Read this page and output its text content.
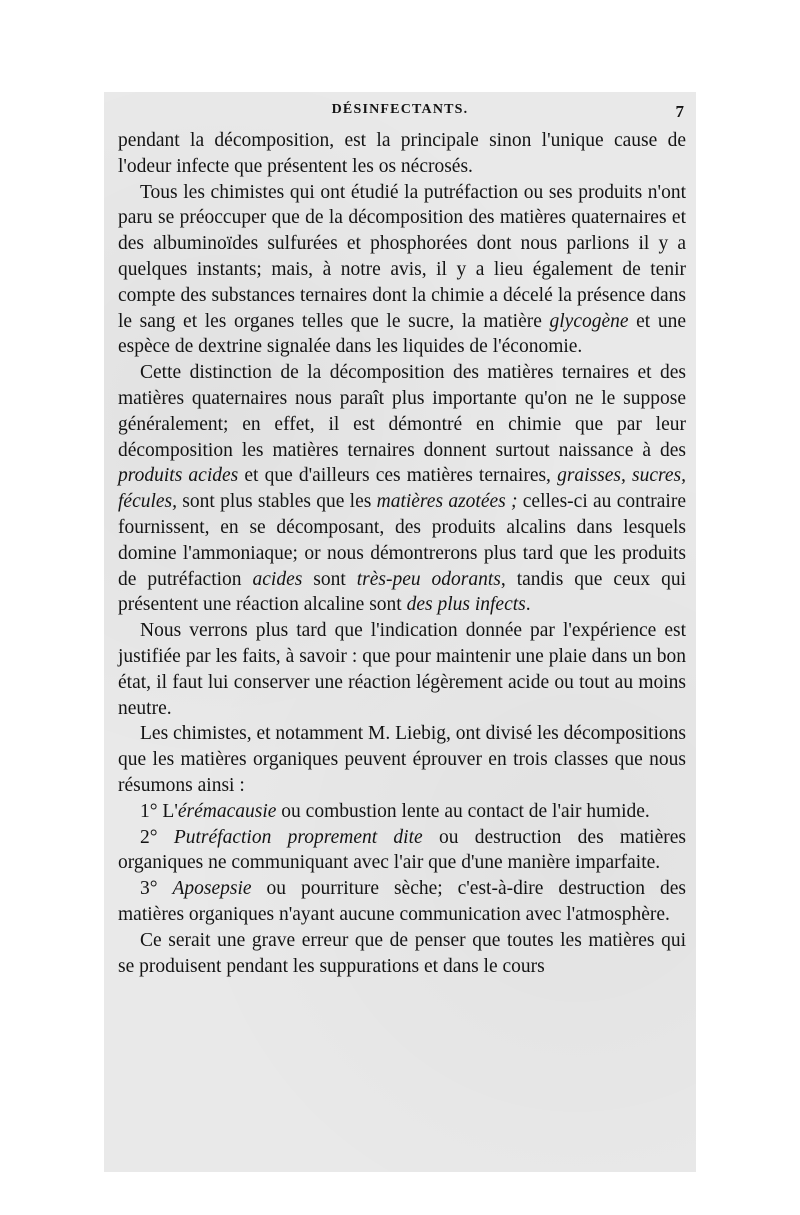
DÉSINFECTANTS.	7

pendant la décomposition, est la principale sinon l'unique cause de l'odeur infecte que présentent les os nécrosés.

Tous les chimistes qui ont étudié la putréfaction ou ses produits n'ont paru se préoccuper que de la décomposition des matières quaternaires et des albuminoïdes sulfurées et phosphorées dont nous parlions il y a quelques instants; mais, à notre avis, il y a lieu également de tenir compte des substances ternaires dont la chimie a décelé la présence dans le sang et les organes telles que le sucre, la matière glycogène et une espèce de dextrine signalée dans les liquides de l'économie.

Cette distinction de la décomposition des matières ternaires et des matières quaternaires nous paraît plus importante qu'on ne le suppose généralement; en effet, il est démontré en chimie que par leur décomposition les matières ternaires donnent surtout naissance à des produits acides et que d'ailleurs ces matières ternaires, graisses, sucres, fécules, sont plus stables que les matières azotées ; celles-ci au contraire fournissent, en se décomposant, des produits alcalins dans lesquels domine l'ammoniaque; or nous démontrerons plus tard que les produits de putréfaction acides sont très-peu odorants, tandis que ceux qui présentent une réaction alcaline sont des plus infects.

Nous verrons plus tard que l'indication donnée par l'expérience est justifiée par les faits, à savoir : que pour maintenir une plaie dans un bon état, il faut lui conserver une réaction légèrement acide ou tout au moins neutre.

Les chimistes, et notamment M. Liebig, ont divisé les décompositions que les matières organiques peuvent éprouver en trois classes que nous résumons ainsi :

1° L'érémacausie ou combustion lente au contact de l'air humide.

2° Putréfaction proprement dite ou destruction des matières organiques ne communiquant avec l'air que d'une manière imparfaite.

3° Aposepsie ou pourriture sèche; c'est-à-dire destruction des matières organiques n'ayant aucune communication avec l'atmosphère.

Ce serait une grave erreur que de penser que toutes les matières qui se produisent pendant les suppurations et dans le cours
